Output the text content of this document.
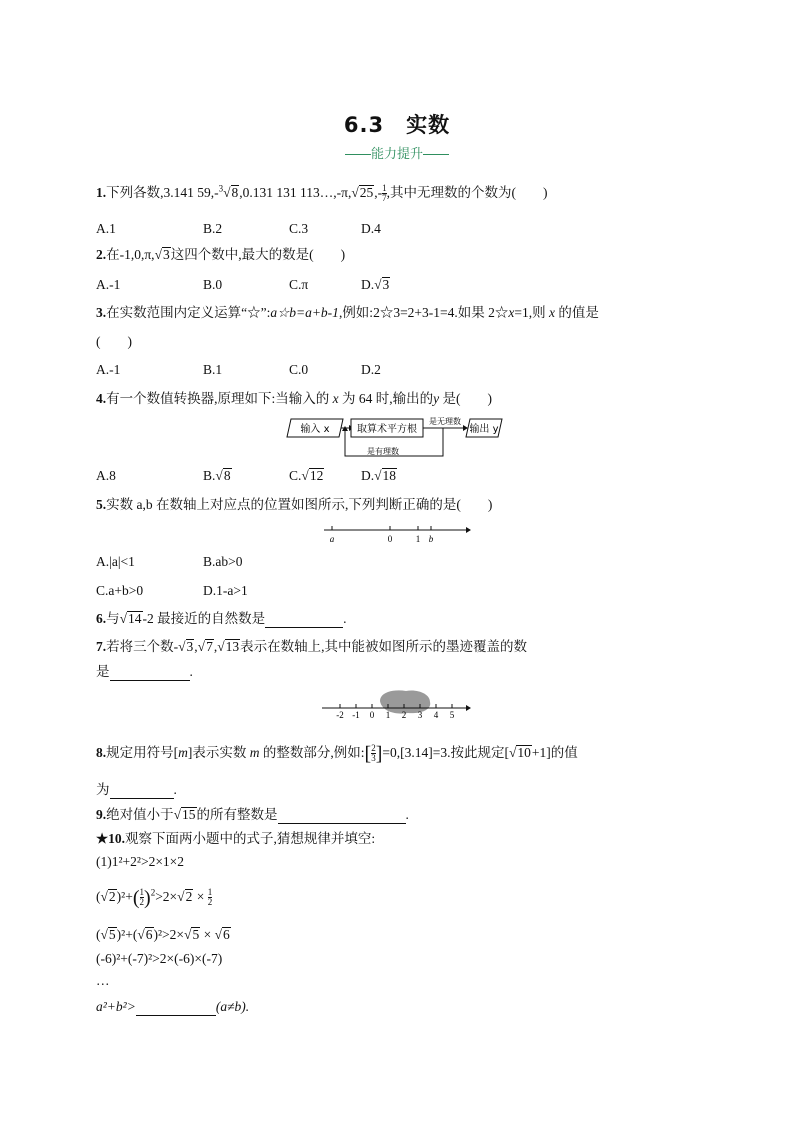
6.3　实数
能力提升
1.下列各数,3.141 59,-$^3$√8,0.131 131 113…,-π,√25,- $\frac{1}{7}$ ,其中无理数的个数为(　　)
A.1	B.2	C.3	D.4
2.在-1,0,π,√3这四个数中,最大的数是(　　)
A.-1	B.0	C.π	D.√3
3.在实数范围内定义运算“☆”:a☆b=a+b-1,例如:2☆3=2+3-1=4.如果 2☆x=1,则 x 的值是
(　　)
A.-1	B.1	C.0	D.2
4.有一个数值转换器,原理如下:当输入的 x 为 64 时,输出的y 是(　　)
输入 x	取算术平方根
是无理数
输出 y
是有理数
A.8	B.√8	C.√12	D.√18
5.实数 a,b 在数轴上对应点的位置如图所示,下列判断正确的是(　　)
a	0	1 b
A.|a|<1	B.ab>0
C.a+b>0	D.1-a>1
6.与√14-2 最接近的自然数是	.
7.若将三个数-√3,√7,√13表示在数轴上,其中能被如图所示的墨迹覆盖的数
是	.
-2 -1 0 1 2 3 4 5
8.规定用符号[m]表示实数 m 的整数部分,例如:[ $\frac{2}{3} ]=0,[3.14]=3$.按此规定[√10+1]的值
为	.
9.绝对值小于√15的所有整数是	.
★10.观察下面两小题中的式子,猜想规律并填空:
(1)1²+2²>2×1×2
$(√2)^2+( \frac{1}{2} )^2>2\times√2 \times \frac{1}{2}$
(√5)²+(√6)²>2×√5 × √6
(-6)²+(-7)²>2×(-6)×(-7)
…
a²+b²>	(a≠b).
